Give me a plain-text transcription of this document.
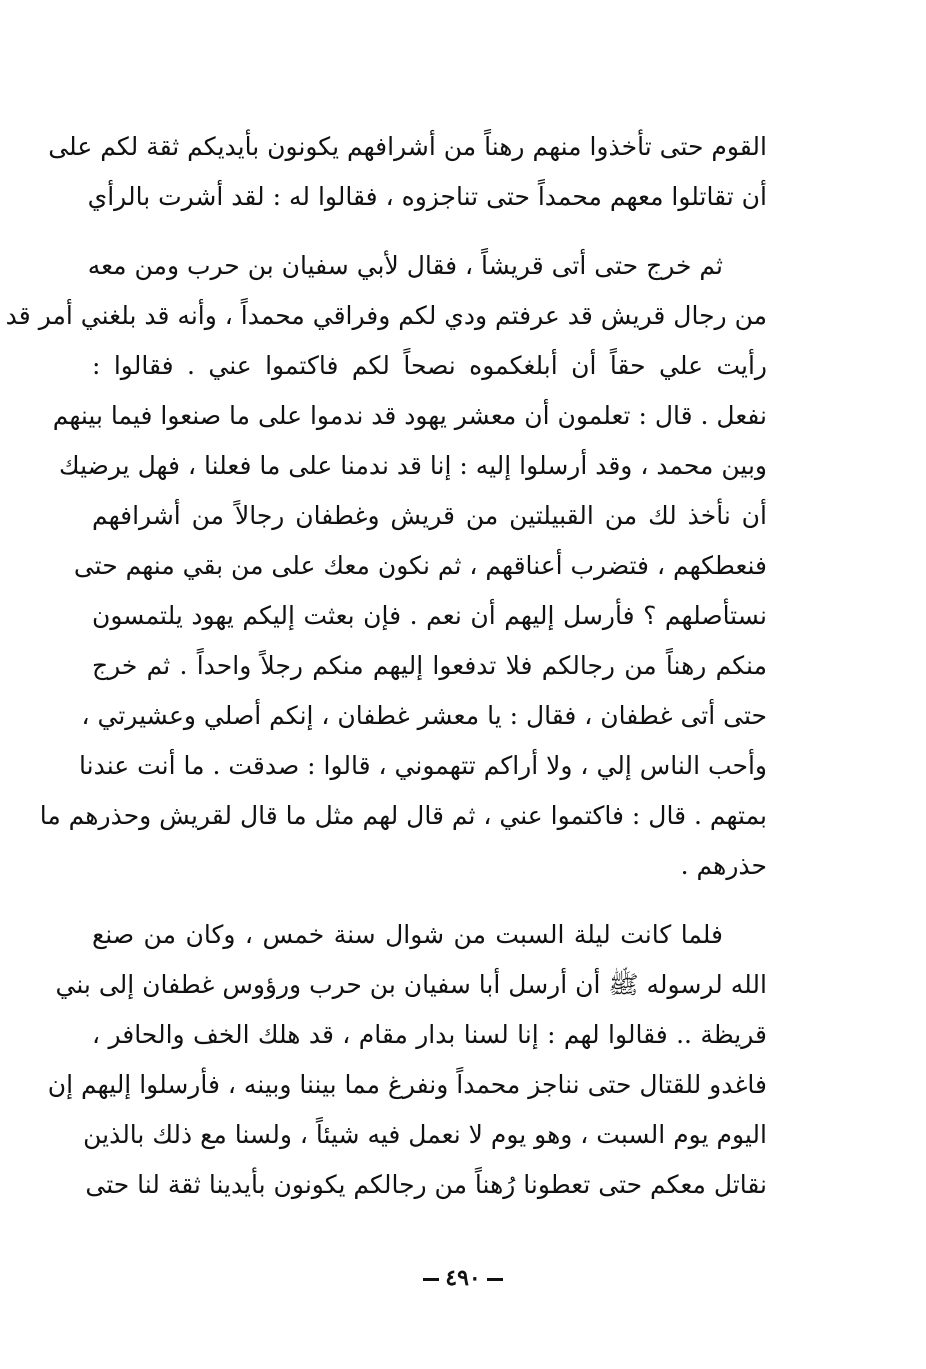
القوم حتى تأخذوا منهم رهناً من أشرافهم يكونون بأيديكم ثقة لكم على
أن تقاتلوا معهم محمداً حتى تناجزوه ، فقالوا له : لقد أشرت بالرأي
ثم خرج حتى أتى قريشاً ، فقال لأبي سفيان بن حرب ومن معه
من رجال قريش قد عرفتم ودي لكم وفراقي محمداً ، وأنه قد بلغني أمر قد
رأيت علي حقاً أن أبلغكموه نصحاً لكم فاكتموا عني . فقالوا :
نفعل . قال : تعلمون أن معشر يهود قد ندموا على ما صنعوا فيما بينهم
وبين محمد ، وقد أرسلوا إليه : إنا قد ندمنا على ما فعلنا ، فهل يرضيك
أن نأخذ لك من القبيلتين من قريش وغطفان رجالاً من أشرافهم
فنعطكهم ، فتضرب أعناقهم ، ثم نكون معك على من بقي منهم حتى
نستأصلهم ؟ فأرسل إليهم أن نعم . فإن بعثت إليكم يهود يلتمسون
منكم رهناً من رجالكم فلا تدفعوا إليهم منكم رجلاً واحداً . ثم خرج
حتى أتى غطفان ، فقال : يا معشر غطفان ، إنكم أصلي وعشيرتي ،
وأحب الناس إلي ، ولا أراكم تتهموني ، قالوا : صدقت . ما أنت عندنا
بمتهم . قال : فاكتموا عني ، ثم قال لهم مثل ما قال لقريش وحذرهم ما
حذرهم .
فلما كانت ليلة السبت من شوال سنة خمس ، وكان من صنع
الله لرسوله ﷺ أن أرسل أبا سفيان بن حرب ورؤوس غطفان إلى بني
قريظة .. فقالوا لهم : إنا لسنا بدار مقام ، قد هلك الخف والحافر ،
فاغدو للقتال حتى نناجز محمداً ونفرغ مما بيننا وبينه ، فأرسلوا إليهم إن
اليوم يوم السبت ، وهو يوم لا نعمل فيه شيئاً ، ولسنا مع ذلك بالذين
نقاتل معكم حتى تعطونا رُهناً من رجالكم يكونون بأيدينا ثقة لنا حتى
٤٩٠
